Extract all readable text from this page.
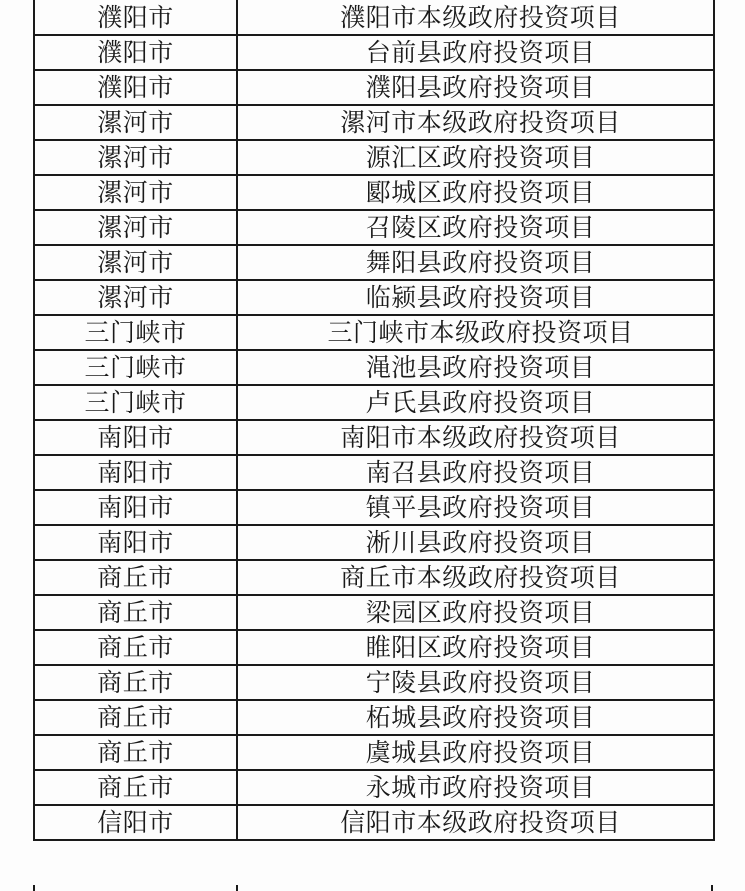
濮阳市	濮阳市本级政府投资项目
濮阳市	台前县政府投资项目
濮阳市	濮阳县政府投资项目
漯河市	漯河市本级政府投资项目
漯河市	源汇区政府投资项目
漯河市	郾城区政府投资项目
漯河市	召陵区政府投资项目
漯河市	舞阳县政府投资项目
漯河市	临颍县政府投资项目
三门峡市	三门峡市本级政府投资项目
三门峡市	渑池县政府投资项目
三门峡市	卢氏县政府投资项目
南阳市	南阳市本级政府投资项目
南阳市	南召县政府投资项目
南阳市	镇平县政府投资项目
南阳市	淅川县政府投资项目
商丘市	商丘市本级政府投资项目
商丘市	梁园区政府投资项目
商丘市	睢阳区政府投资项目
商丘市	宁陵县政府投资项目
商丘市	柘城县政府投资项目
商丘市	虞城县政府投资项目
商丘市	永城市政府投资项目
信阳市	信阳市本级政府投资项目
